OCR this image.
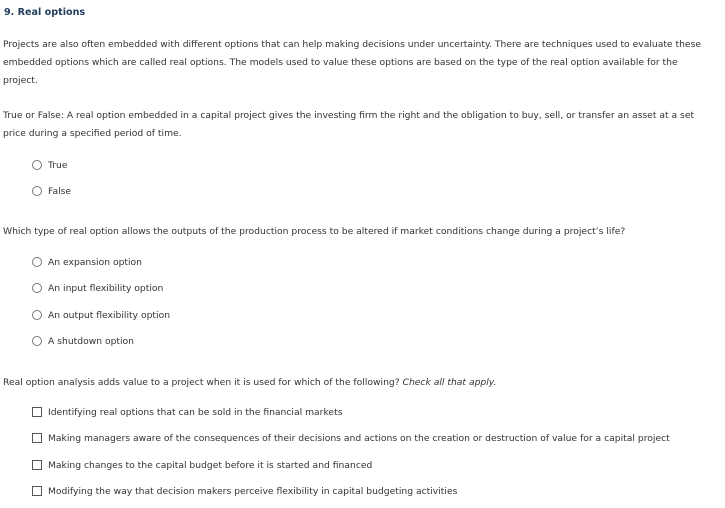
9. Real options
Projects are also often embedded with different options that can help making decisions under uncertainty. There are techniques used to evaluate these embedded options which are called real options. The models used to value these options are based on the type of the real option available for the project.
True or False: A real option embedded in a capital project gives the investing firm the right and the obligation to buy, sell, or transfer an asset at a set price during a specified period of time.
True
False
Which type of real option allows the outputs of the production process to be altered if market conditions change during a project’s life?
An expansion option
An input flexibility option
An output flexibility option
A shutdown option
Real option analysis adds value to a project when it is used for which of the following? Check all that apply.
Identifying real options that can be sold in the financial markets
Making managers aware of the consequences of their decisions and actions on the creation or destruction of value for a capital project
Making changes to the capital budget before it is started and financed
Modifying the way that decision makers perceive flexibility in capital budgeting activities
